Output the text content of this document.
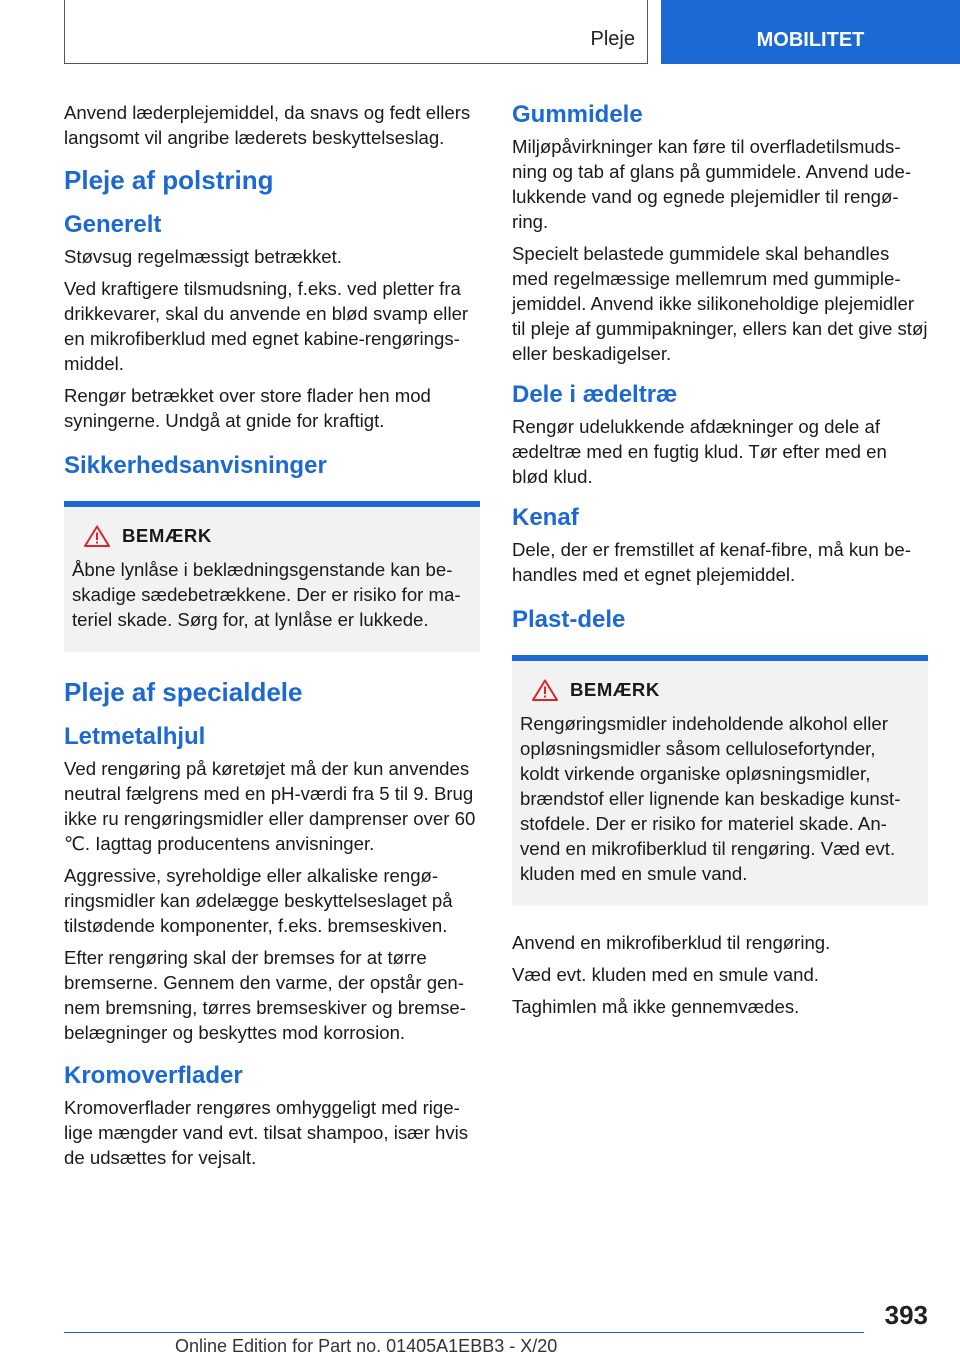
Pleje	MOBILITET

Anvend læderplejemiddel, da snavs og fedt ellers langsomt vil angribe læderets beskyttelseslag.

Pleje af polstring
Generelt

Støvsug regelmæssigt betrækket.

Ved kraftigere tilsmudsning, f.eks. ved pletter fra drikkevarer, skal du anvende en blød svamp eller en mikrofiberklud med egnet kabine-rengøringsmiddel.

Rengør betrækket over store flader hen mod syningerne. Undgå at gnide for kraftigt.

Sikkerhedsanvisninger
BEMÆRK

Åbne lynlåse i beklædningsgenstande kan beskadige sædebetrækkene. Der er risiko for materiel skade. Sørg for, at lynlåse er lukkede.

Pleje af specialdele
Letmetalhjul

Ved rengøring på køretøjet må der kun anvendes neutral fælgrens med en pH-værdi fra 5 til 9. Brug ikke ru rengøringsmidler eller damprenser over 60 ℃. Iagttag producentens anvisninger.

Aggressive, syreholdige eller alkaliske rengøringsmidler kan ødelægge beskyttelseslaget på tilstødende komponenter, f.eks. bremseskiven.

Efter rengøring skal der bremses for at tørre bremserne. Gennem den varme, der opstår gennem bremsning, tørres bremseskiver og bremsebelægninger og beskyttes mod korrosion.

Kromoverflader

Kromoverflader rengøres omhyggeligt med rigelige mængder vand evt. tilsat shampoo, især hvis de udsættes for vejsalt.

Gummidele

Miljøpåvirkninger kan føre til overfladetilsmudsning og tab af glans på gummidele. Anvend udelukkende vand og egnede plejemidler til rengøring.

Specielt belastede gummidele skal behandles med regelmæssige mellemrum med gummiplejemiddel. Anvend ikke silikoneholdige plejemidler til pleje af gummipakninger, ellers kan det give støj eller beskadigelser.

Dele i ædeltræ

Rengør udelukkende afdækninger og dele af ædeltræ med en fugtig klud. Tør efter med en blød klud.

Kenaf

Dele, der er fremstillet af kenaf-fibre, må kun behandles med et egnet plejemiddel.

Plast-dele
BEMÆRK

Rengøringsmidler indeholdende alkohol eller opløsningsmidler såsom cellulosefortynder, koldt virkende organiske opløsningsmidler, brændstof eller lignende kan beskadige kunststofdele. Der er risiko for materiel skade. Anvend en mikrofiberklud til rengøring. Væd evt. kluden med en smule vand.

Anvend en mikrofiberklud til rengøring.

Væd evt. kluden med en smule vand.

Taghimlen må ikke gennemvædes.

393
Online Edition for Part no. 01405A1EBB3 - X/20
